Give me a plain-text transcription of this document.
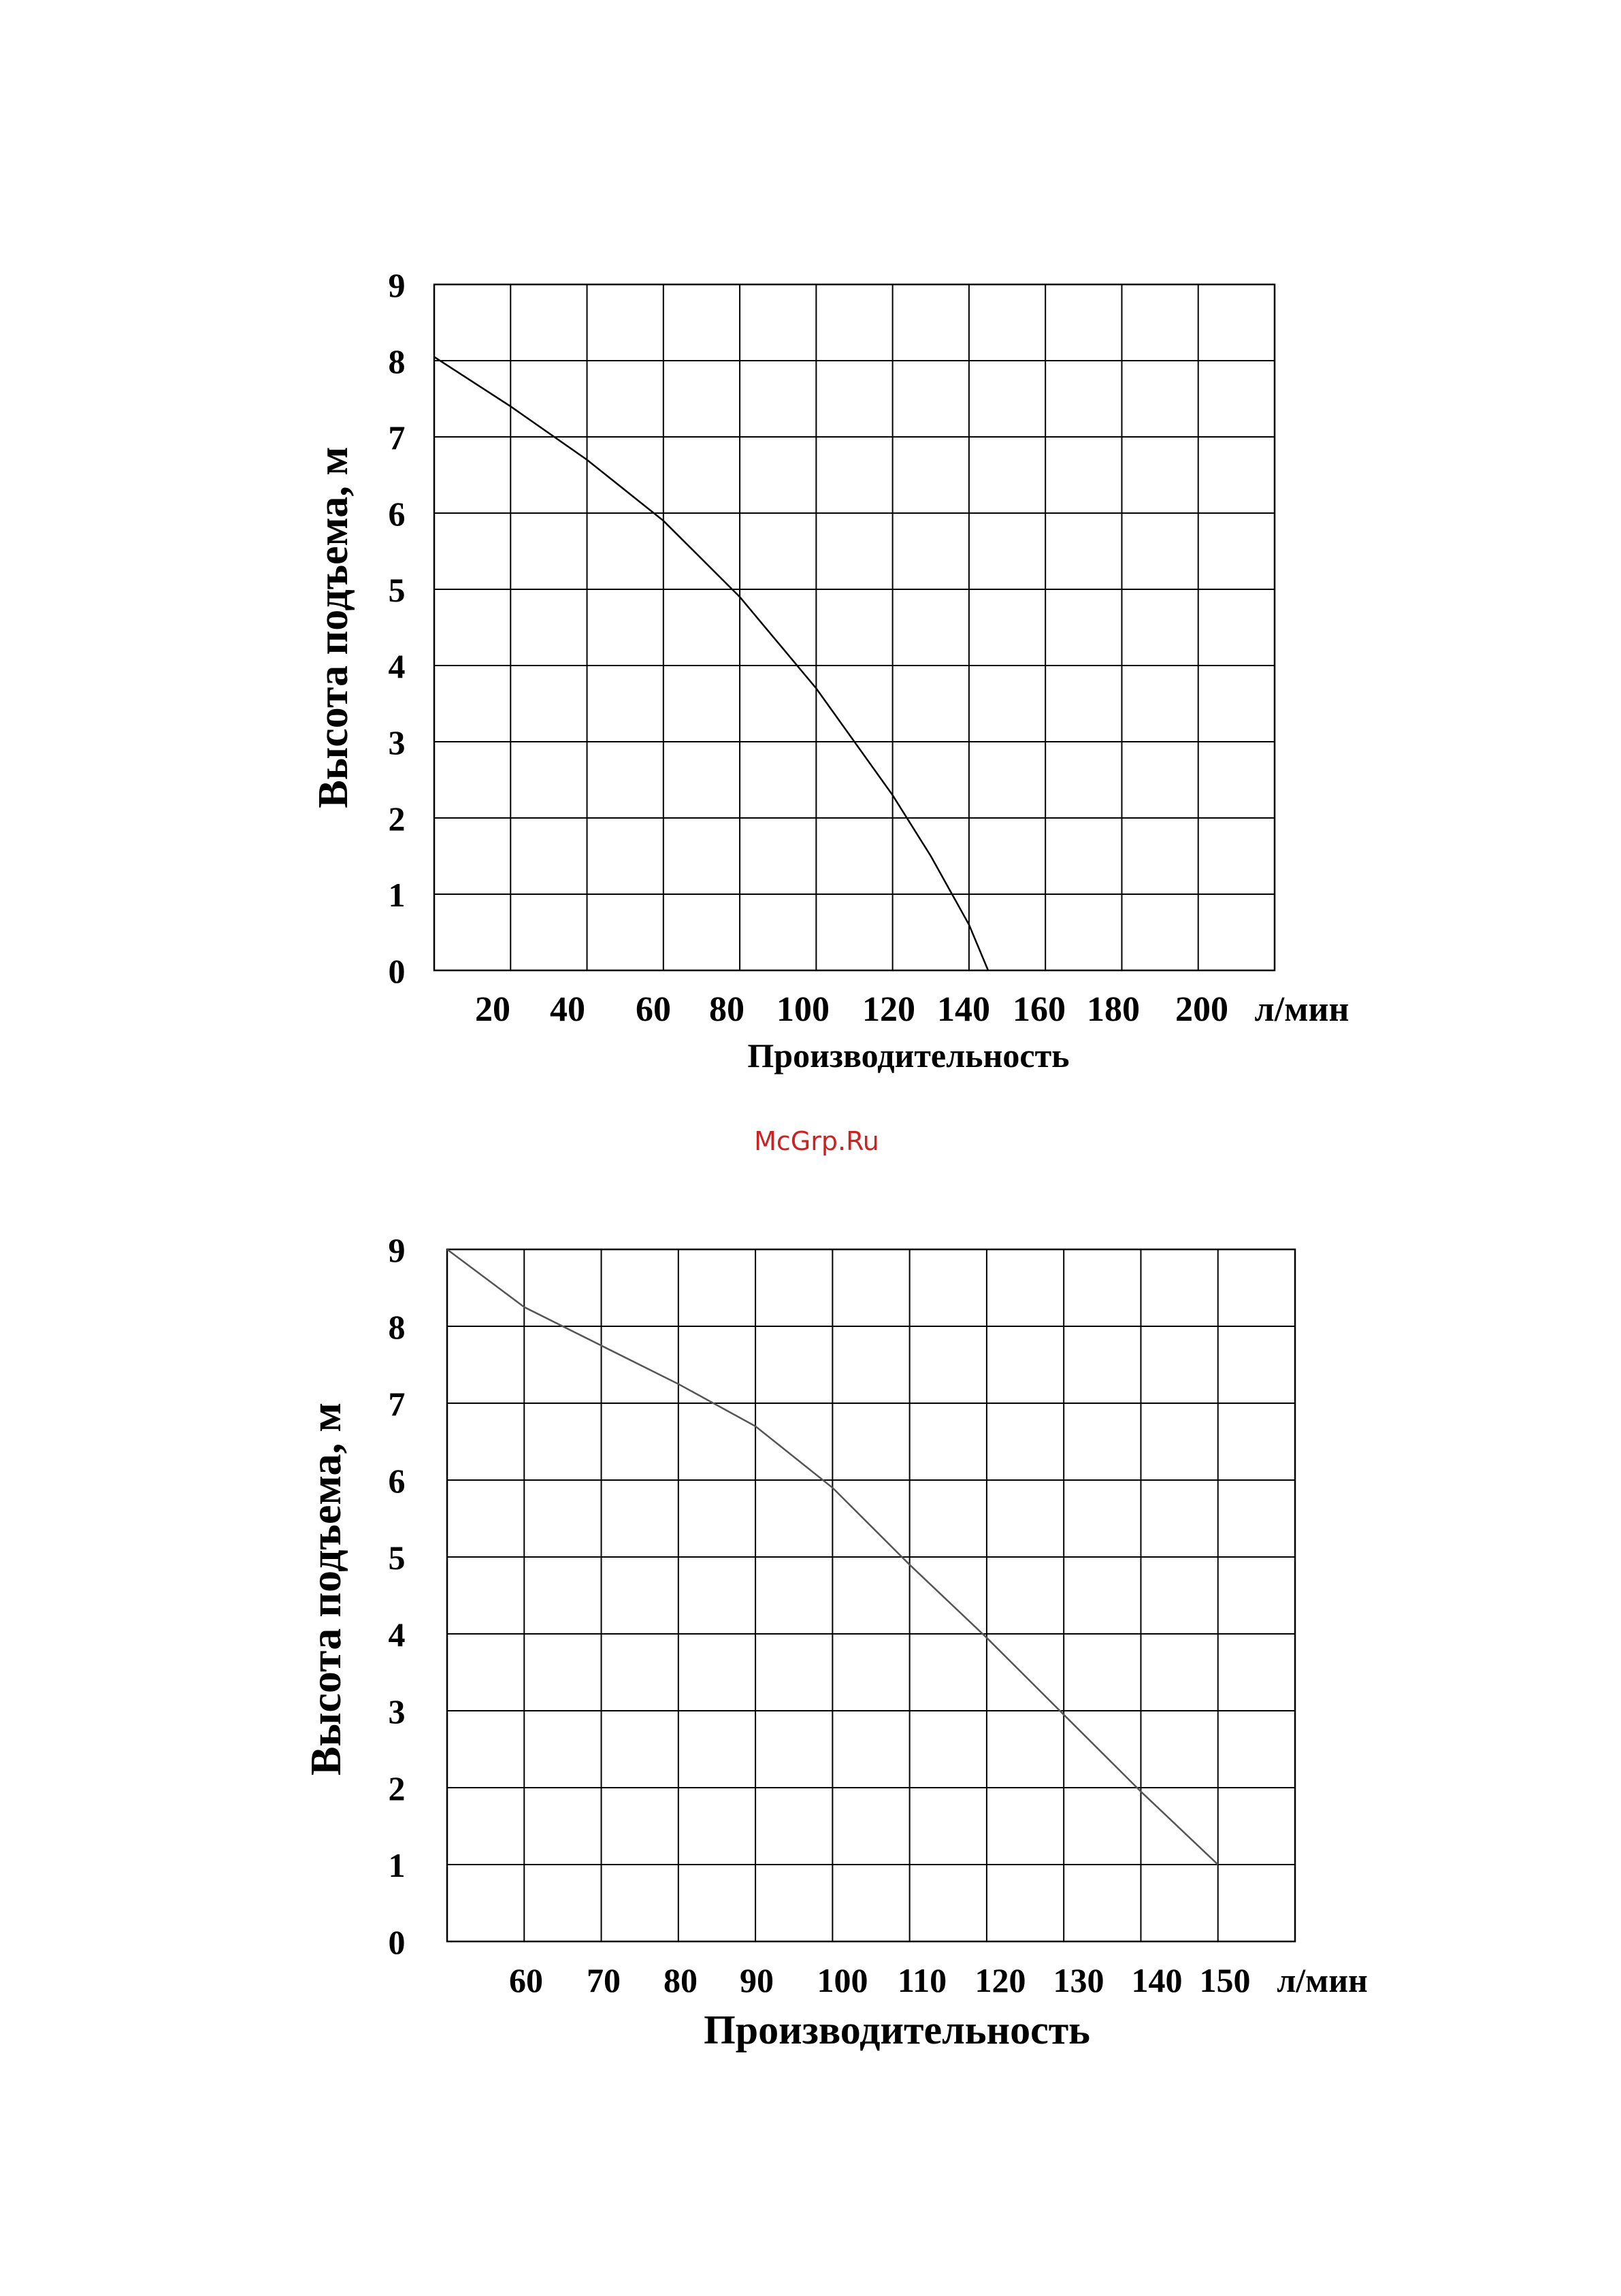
0
1
2
3
4
5
6
7
8
9
20 40 60 80 100 120 140 160 180 200 л/мин
Производительность
Высота подъема, м
0
1
2
3
4
5
6
7
8
9
60 70 80 90 100 110 120 130 140 150 л/мин
Производительность
Высота подъема, м
McGrp.Ru
